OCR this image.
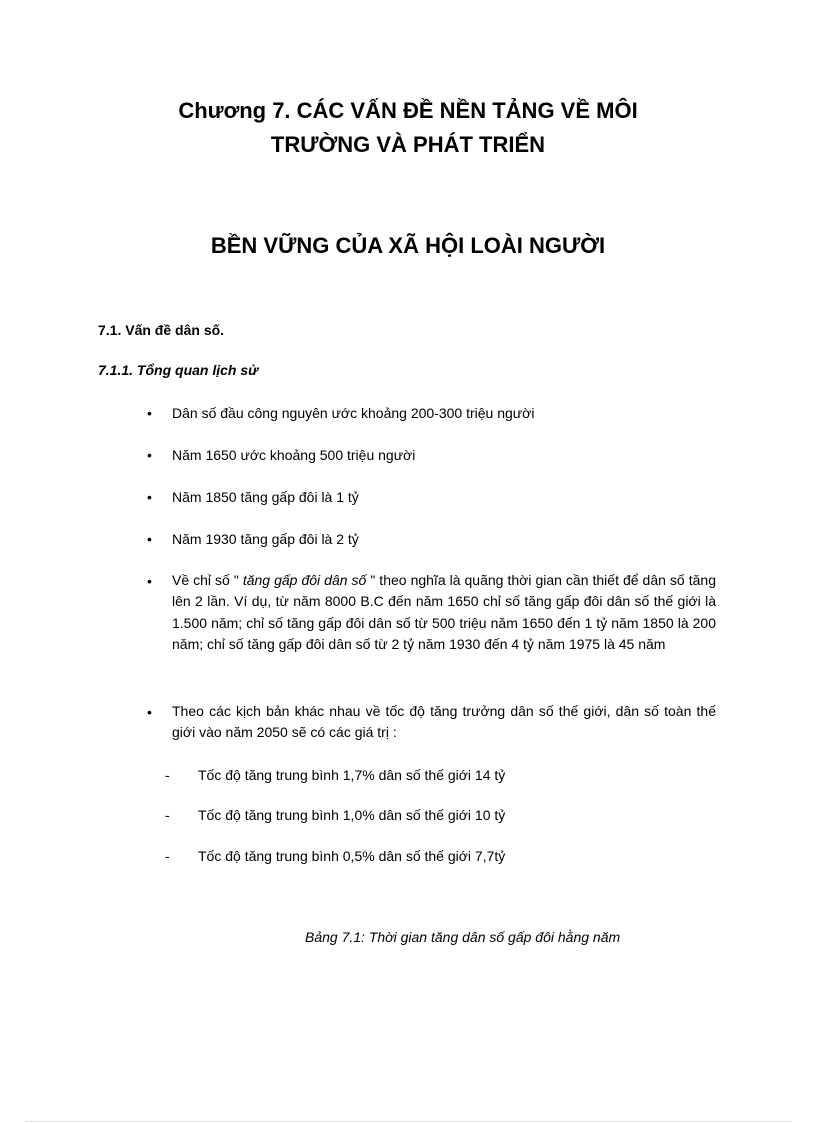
Chương 7. CÁC VẤN ĐỀ NỀN TẢNG VỀ MÔI
TRƯỜNG VÀ PHÁT TRIỂN
BỀN VỮNG CỦA XÃ HỘI LOÀI NGƯỜI
7.1. Vấn đề dân số.
7.1.1. Tổng quan lịch sử
• Dân số đầu công nguyên ước khoảng 200-300 triệu người
• Năm 1650 ước khoảng 500 triệu người
• Năm 1850 tăng gấp đôi là 1 tỷ
• Năm 1930 tăng gấp đôi là 2 tỷ
• Về chỉ số " tăng gấp đôi dân số " theo nghĩa là quãng thời gian cần thiết để dân số tăng lên 2 lần. Ví dụ, từ năm 8000 B.C đến năm 1650 chỉ số tăng gấp đôi dân số thế giới là 1.500 năm; chỉ số tăng gấp đôi dân số từ 500 triệu năm 1650 đến 1 tỷ năm 1850 là 200 năm; chỉ số tăng gấp đôi dân số từ 2 tỷ năm 1930 đến 4 tỷ năm 1975 là 45 năm
• Theo các kịch bản khác nhau về tốc độ tăng trưởng dân số thế giới, dân số toàn thế giới vào năm 2050 sẽ có các giá trị :
- Tốc độ tăng trung bình 1,7% dân số thế giới 14 tỷ
- Tốc độ tăng trung bình 1,0% dân số thế giới 10 tỷ
- Tốc độ tăng trung bình 0,5% dân số thế giới 7,7tỷ
Bảng 7.1: Thời gian tăng dân số gấp đôi hằng năm
